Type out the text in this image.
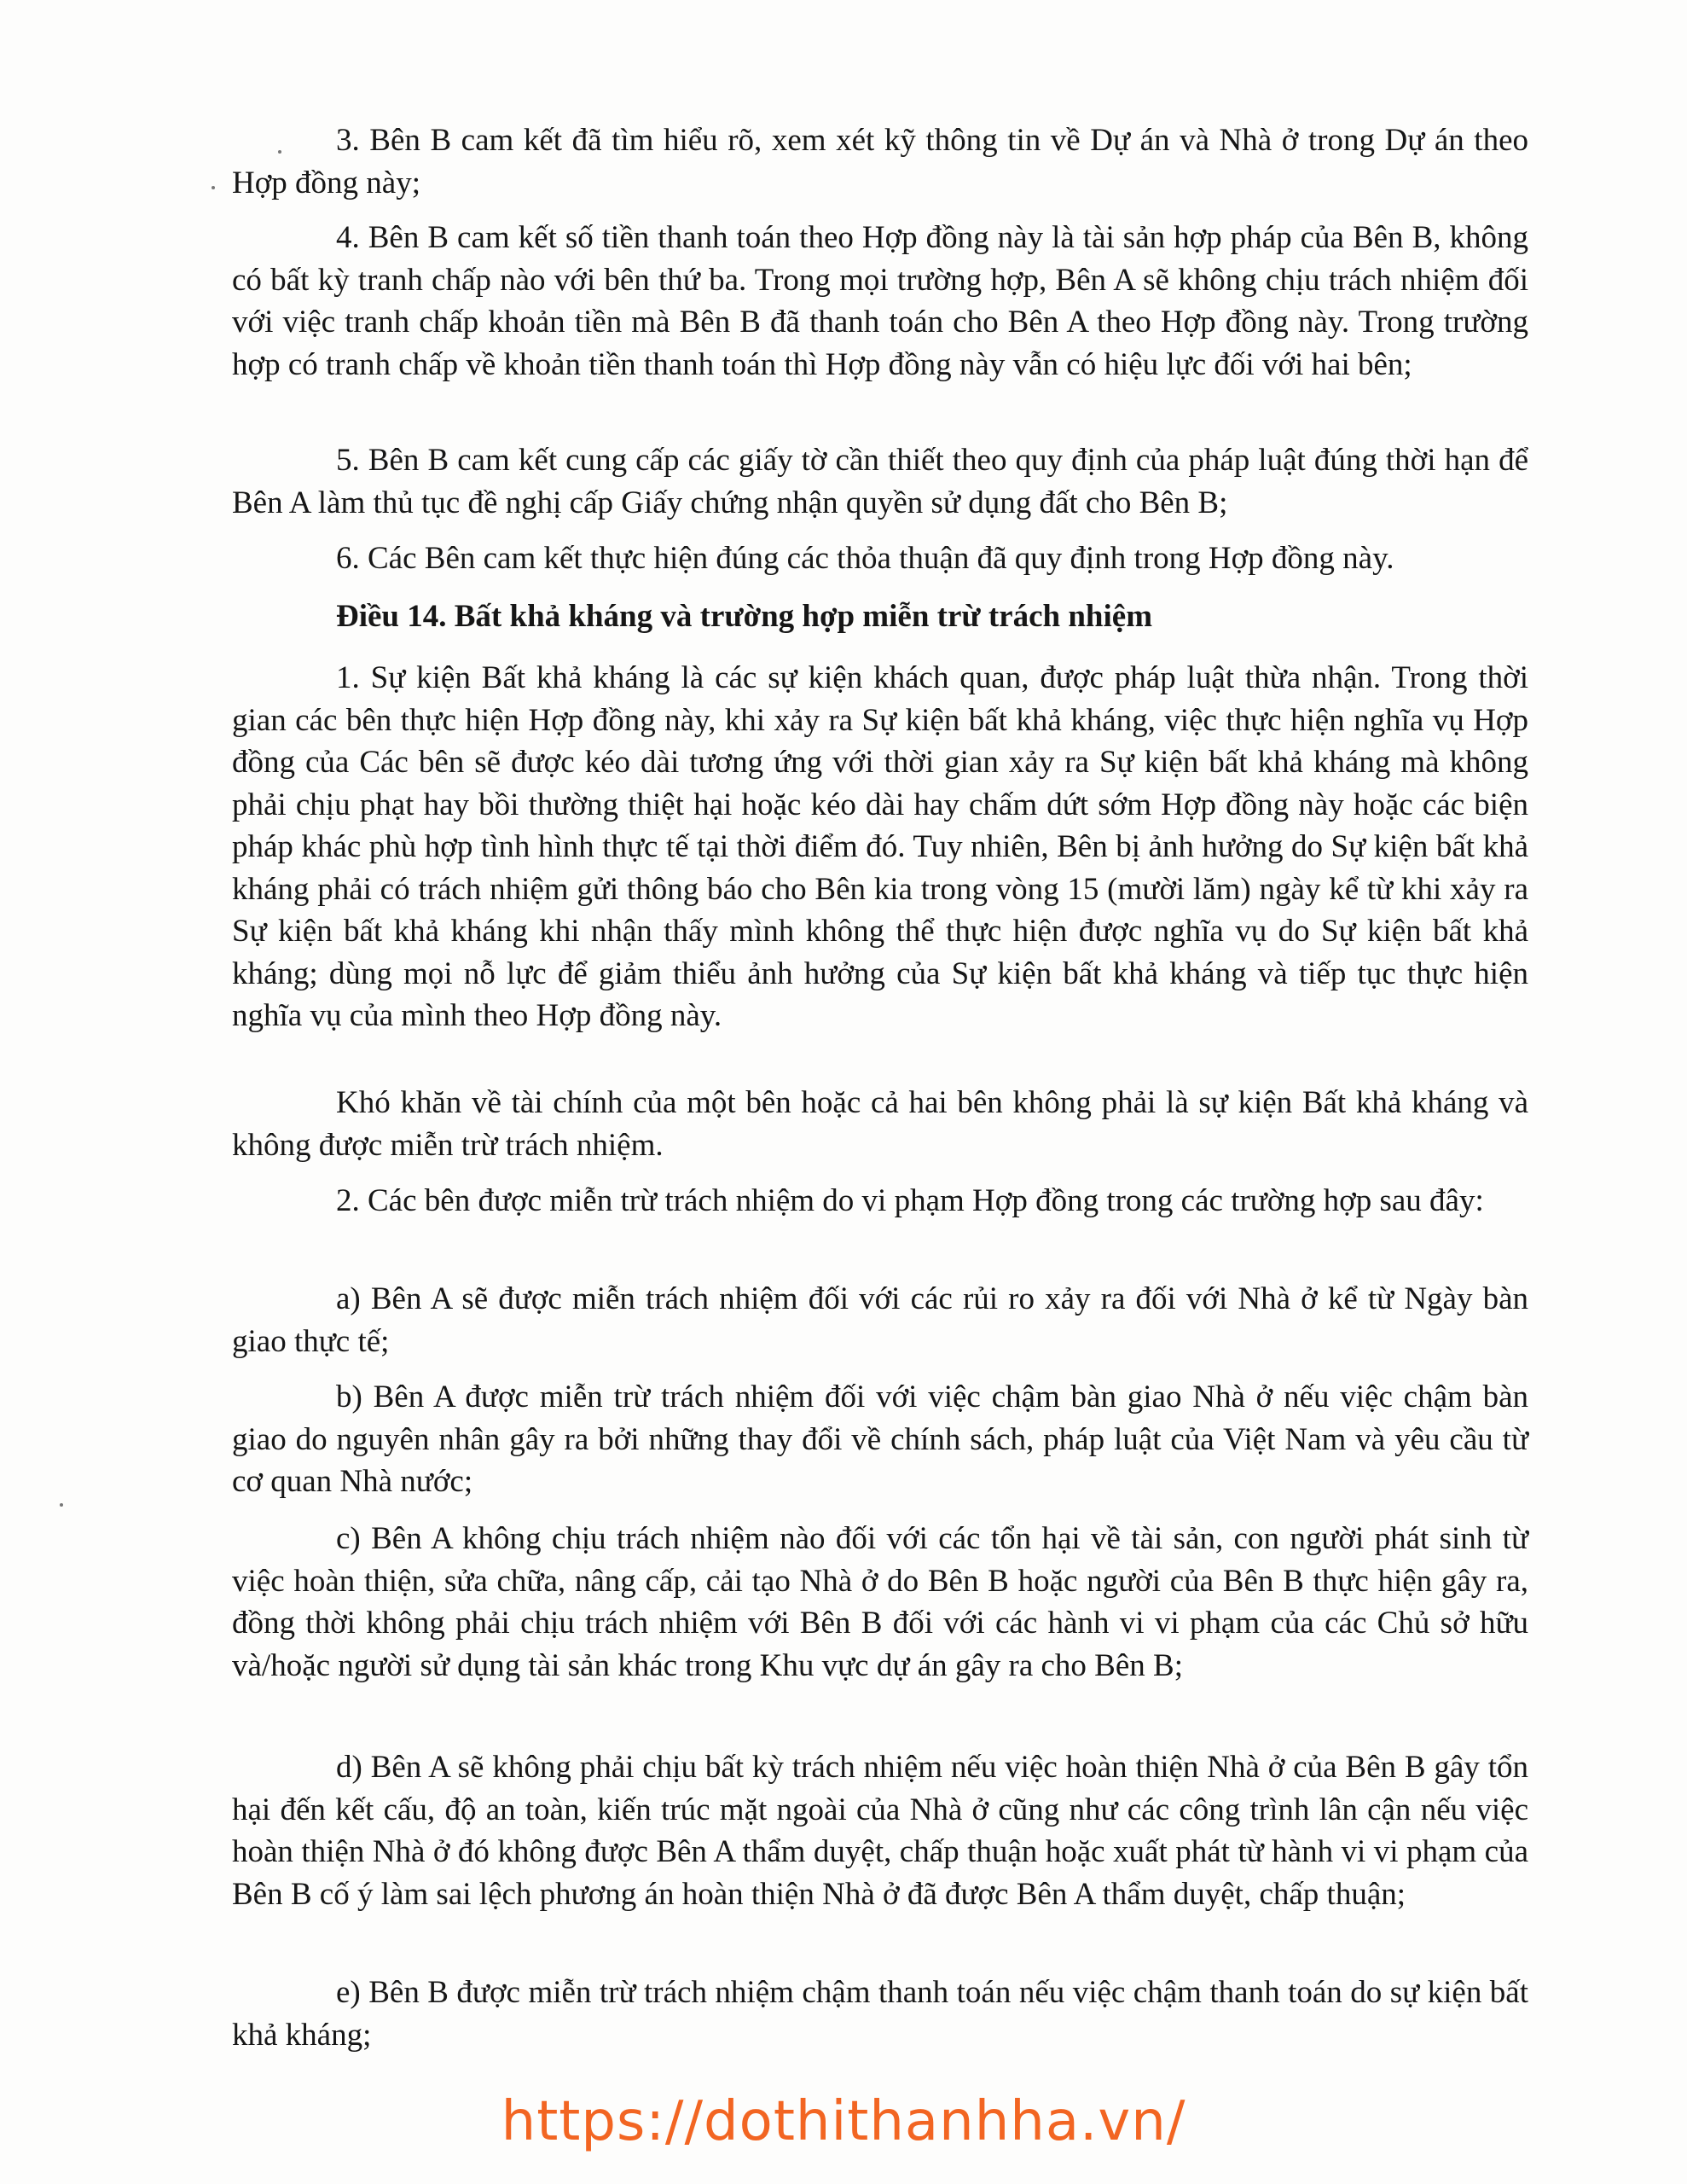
3. Bên B cam kết đã tìm hiểu rõ, xem xét kỹ thông tin về Dự án và Nhà ở trong Dự án theo Hợp đồng này;

4. Bên B cam kết số tiền thanh toán theo Hợp đồng này là tài sản hợp pháp của Bên B, không có bất kỳ tranh chấp nào với bên thứ ba. Trong mọi trường hợp, Bên A sẽ không chịu trách nhiệm đối với việc tranh chấp khoản tiền mà Bên B đã thanh toán cho Bên A theo Hợp đồng này. Trong trường hợp có tranh chấp về khoản tiền thanh toán thì Hợp đồng này vẫn có hiệu lực đối với hai bên;

5. Bên B cam kết cung cấp các giấy tờ cần thiết theo quy định của pháp luật đúng thời hạn để Bên A làm thủ tục đề nghị cấp Giấy chứng nhận quyền sử dụng đất cho Bên B;

6. Các Bên cam kết thực hiện đúng các thỏa thuận đã quy định trong Hợp đồng này.

Điều 14. Bất khả kháng và trường hợp miễn trừ trách nhiệm

1. Sự kiện Bất khả kháng là các sự kiện khách quan, được pháp luật thừa nhận. Trong thời gian các bên thực hiện Hợp đồng này, khi xảy ra Sự kiện bất khả kháng, việc thực hiện nghĩa vụ Hợp đồng của Các bên sẽ được kéo dài tương ứng với thời gian xảy ra Sự kiện bất khả kháng mà không phải chịu phạt hay bồi thường thiệt hại hoặc kéo dài hay chấm dứt sớm Hợp đồng này hoặc các biện pháp khác phù hợp tình hình thực tế tại thời điểm đó. Tuy nhiên, Bên bị ảnh hưởng do Sự kiện bất khả kháng phải có trách nhiệm gửi thông báo cho Bên kia trong vòng 15 (mười lăm) ngày kể từ khi xảy ra Sự kiện bất khả kháng khi nhận thấy mình không thể thực hiện được nghĩa vụ do Sự kiện bất khả kháng; dùng mọi nỗ lực để giảm thiểu ảnh hưởng của Sự kiện bất khả kháng và tiếp tục thực hiện nghĩa vụ của mình theo Hợp đồng này.

Khó khăn về tài chính của một bên hoặc cả hai bên không phải là sự kiện Bất khả kháng và không được miễn trừ trách nhiệm.

2. Các bên được miễn trừ trách nhiệm do vi phạm Hợp đồng trong các trường hợp sau đây:

a) Bên A sẽ được miễn trách nhiệm đối với các rủi ro xảy ra đối với Nhà ở kể từ Ngày bàn giao thực tế;

b) Bên A được miễn trừ trách nhiệm đối với việc chậm bàn giao Nhà ở nếu việc chậm bàn giao do nguyên nhân gây ra bởi những thay đổi về chính sách, pháp luật của Việt Nam và yêu cầu từ cơ quan Nhà nước;

c) Bên A không chịu trách nhiệm nào đối với các tổn hại về tài sản, con người phát sinh từ việc hoàn thiện, sửa chữa, nâng cấp, cải tạo Nhà ở do Bên B hoặc người của Bên B thực hiện gây ra, đồng thời không phải chịu trách nhiệm với Bên B đối với các hành vi vi phạm của các Chủ sở hữu và/hoặc người sử dụng tài sản khác trong Khu vực dự án gây ra cho Bên B;

d) Bên A sẽ không phải chịu bất kỳ trách nhiệm nếu việc hoàn thiện Nhà ở của Bên B gây tổn hại đến kết cấu, độ an toàn, kiến trúc mặt ngoài của Nhà ở cũng như các công trình lân cận nếu việc hoàn thiện Nhà ở đó không được Bên A thẩm duyệt, chấp thuận hoặc xuất phát từ hành vi vi phạm của Bên B cố ý làm sai lệch phương án hoàn thiện Nhà ở đã được Bên A thẩm duyệt, chấp thuận;

e) Bên B được miễn trừ trách nhiệm chậm thanh toán nếu việc chậm thanh toán do sự kiện bất khả kháng;

https://dothithanhha.vn/
